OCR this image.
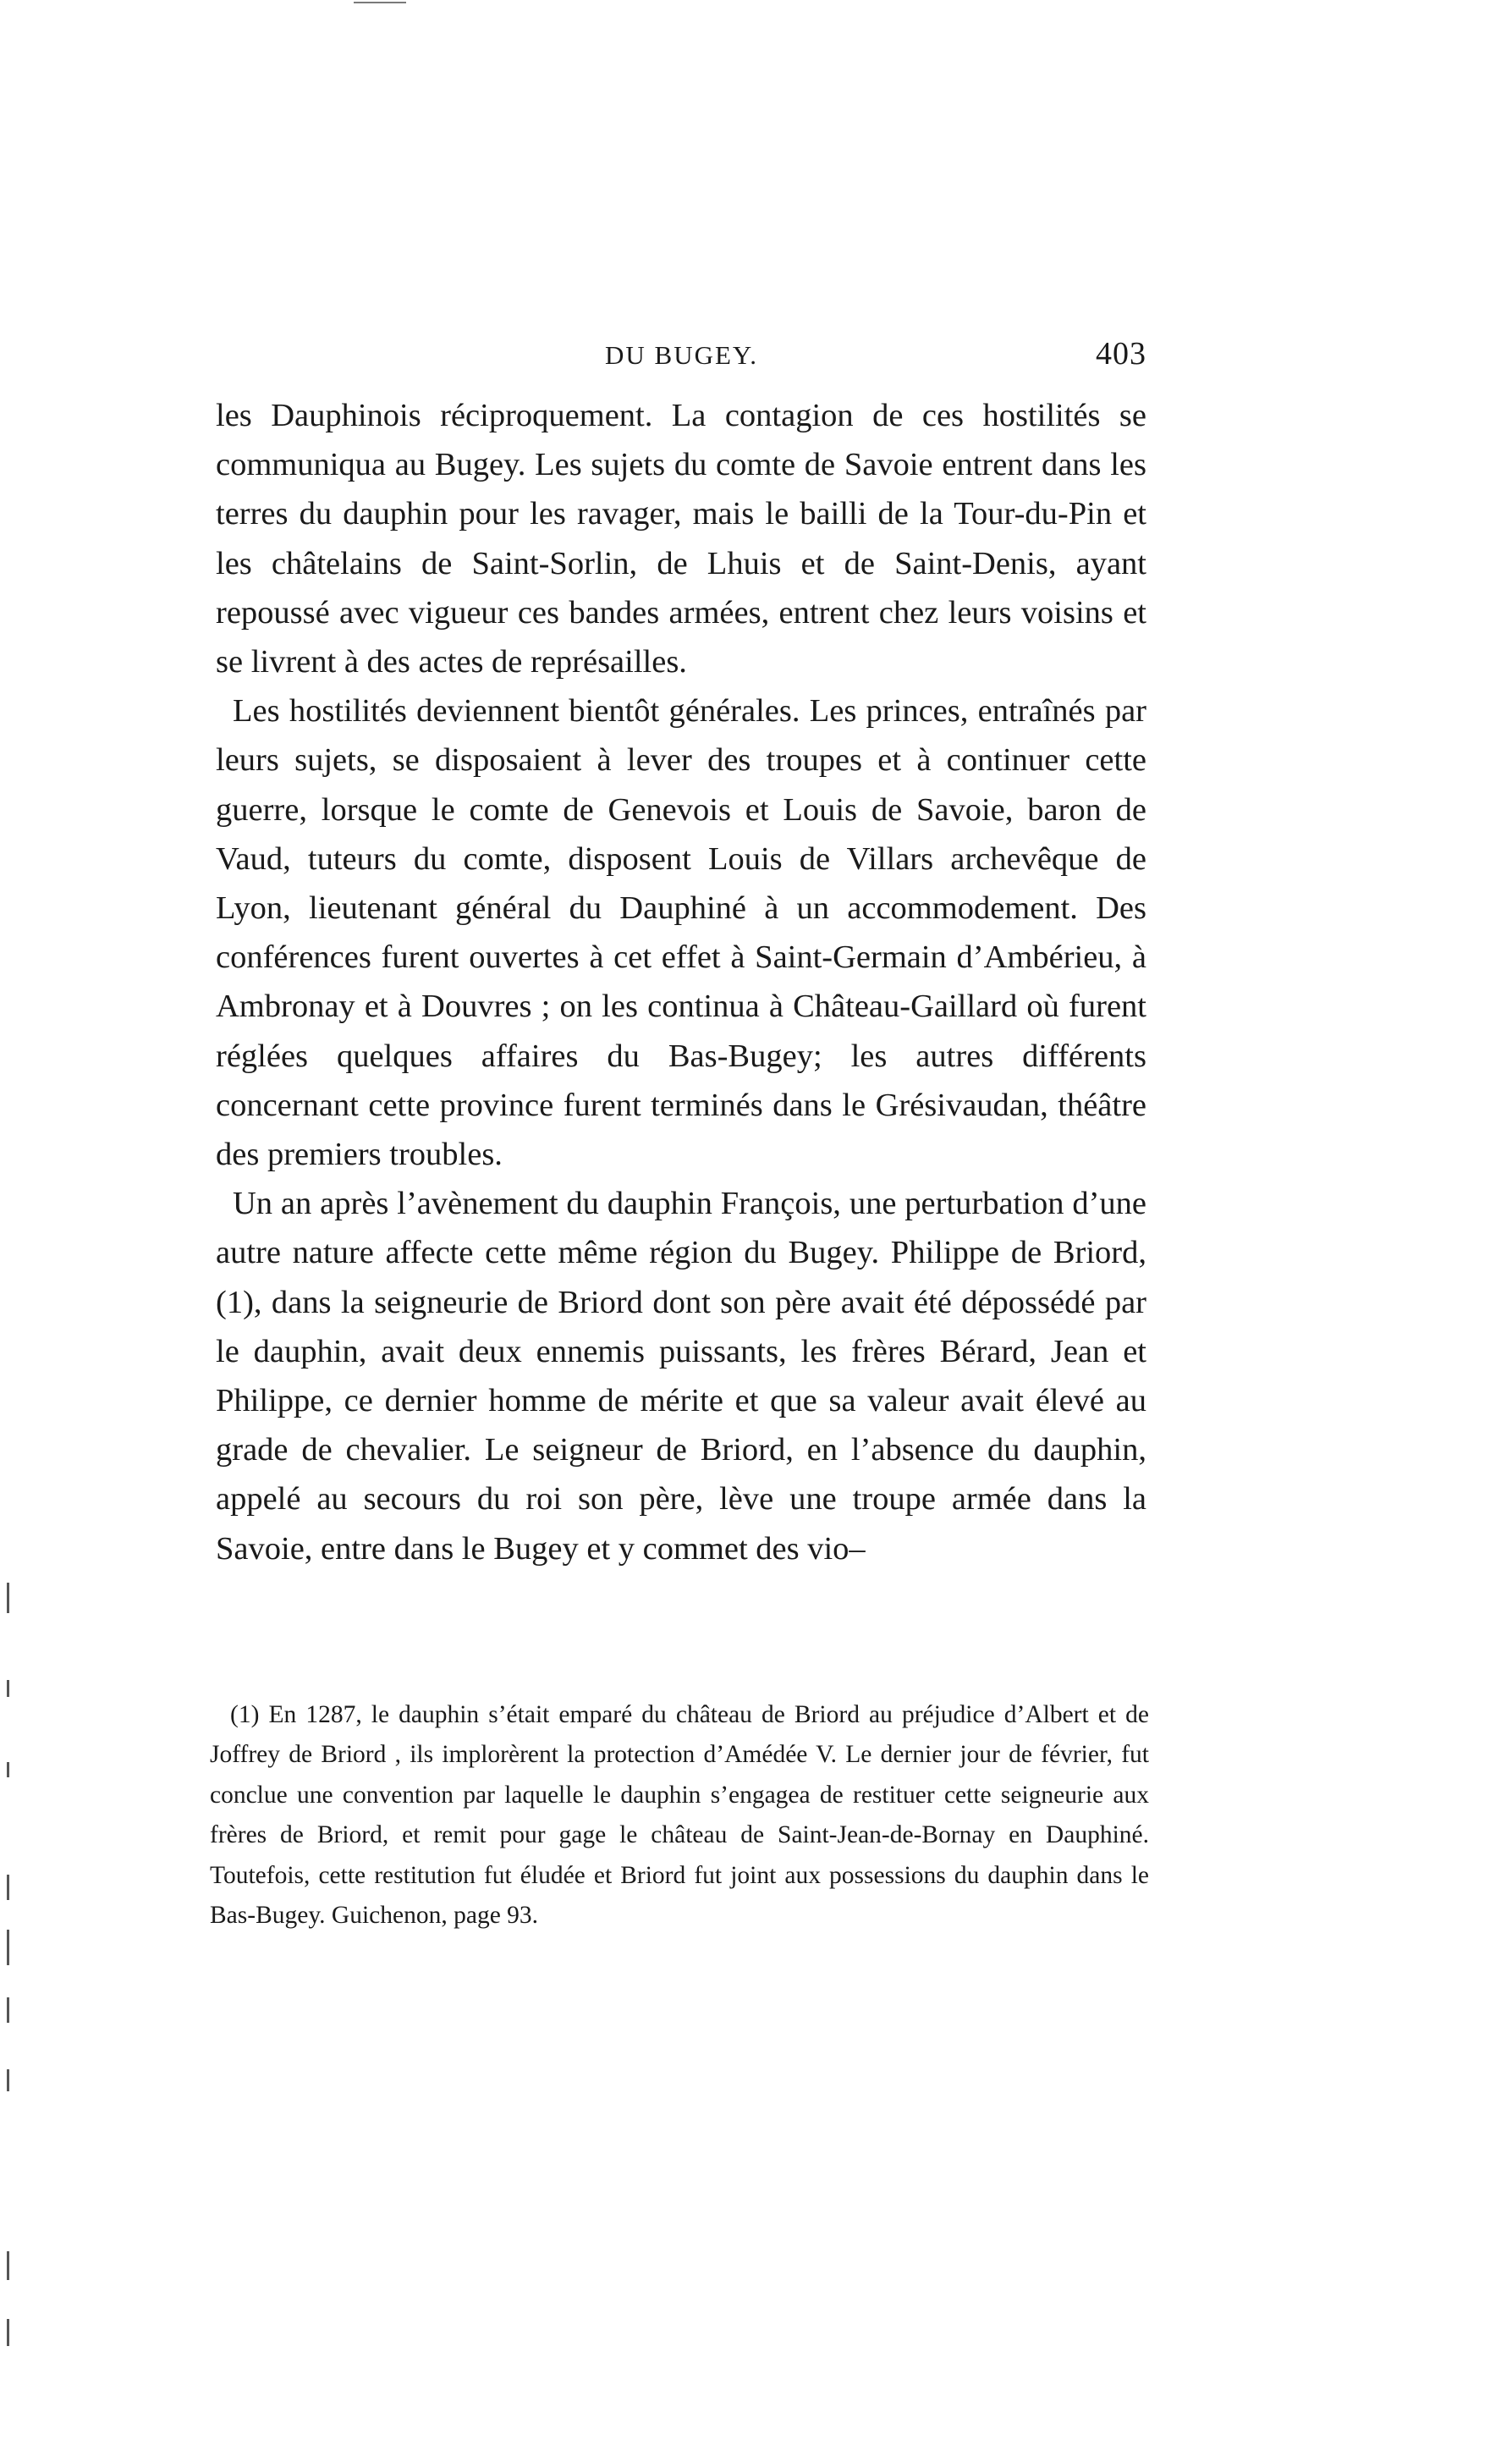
DU BUGEY.	403

les Dauphinois réciproquement. La contagion de ces hostilités se communiqua au Bugey. Les sujets du comte de Savoie entrent dans les terres du dauphin pour les ravager, mais le bailli de la Tour-du-Pin et les châtelains de Saint-Sorlin, de Lhuis et de Saint-Denis, ayant repoussé avec vigueur ces bandes armées, entrent chez leurs voisins et se livrent à des actes de représailles.

Les hostilités deviennent bientôt générales. Les princes, entraînés par leurs sujets, se disposaient à lever des troupes et à continuer cette guerre, lorsque le comte de Genevois et Louis de Savoie, baron de Vaud, tuteurs du comte, disposent Louis de Villars archevêque de Lyon, lieutenant général du Dauphiné à un accommodement. Des conférences furent ouvertes à cet effet à Saint-Germain d’Ambérieu, à Ambronay et à Douvres ; on les continua à Château-Gaillard où furent réglées quelques affaires du Bas-Bugey; les autres différents concernant cette province furent terminés dans le Grésivaudan, théâtre des premiers troubles.

Un an après l’avènement du dauphin François, une perturbation d’une autre nature affecte cette même région du Bugey. Philippe de Briord, (1), dans la seigneurie de Briord dont son père avait été dépossédé par le dauphin, avait deux ennemis puissants, les frères Bérard, Jean et Philippe, ce dernier homme de mérite et que sa valeur avait élevé au grade de chevalier. Le seigneur de Briord, en l’absence du dauphin, appelé au secours du roi son père, lève une troupe armée dans la Savoie, entre dans le Bugey et y commet des vio–

(1) En 1287, le dauphin s’était emparé du château de Briord au préjudice d’Albert et de Joffrey de Briord , ils implorèrent la protection d’Amédée V. Le dernier jour de février, fut conclue une convention par laquelle le dauphin s’engagea de restituer cette seigneurie aux frères de Briord, et remit pour gage le château de Saint-Jean-de-Bornay en Dauphiné. Toutefois, cette restitution fut éludée et Briord fut joint aux possessions du dauphin dans le Bas-Bugey. Guichenon, page 93.
